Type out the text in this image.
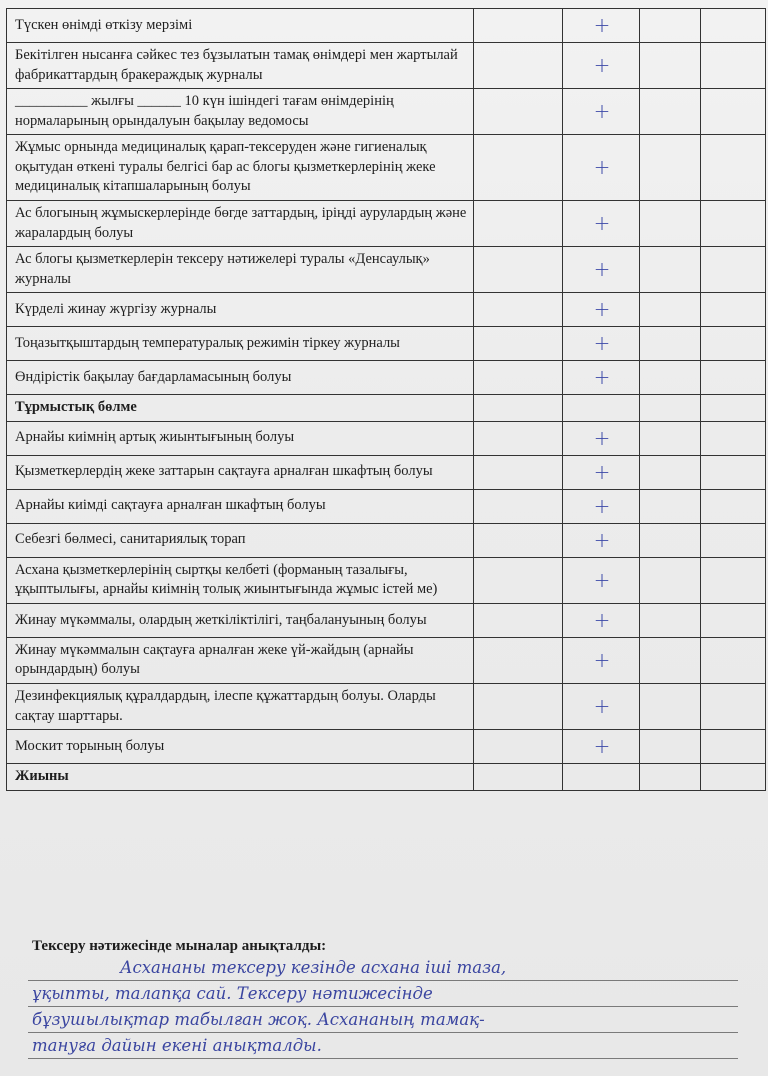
Түскен өнімді өткізу мерзімі		+		
Бекітілген нысанға сәйкес тез бұзылатын тамақ өнімдері мен жартылай фабрикаттардың бракераждық журналы		+		
__________ жылғы ______ 10 күн ішіндегі тағам өнімдерінің нормаларының орындалуын бақылау ведомосы		+		
Жұмыс орнында медициналық қарап-тексеруден және гигиеналық оқытудан өткені туралы белгісі бар ас блогы қызметкерлерінің жеке медициналық кітапшаларының болуы		+		
Ас блогының жұмыскерлерінде бөгде заттардың, іріңді аурулардың және жаралардың болуы		+		
Ас блогы қызметкерлерін тексеру нәтижелері туралы «Денсаулық» журналы		+		
Күрделі жинау жүргізу журналы		+		
Тоңазытқыштардың температуралық режимін тіркеу журналы		+		
Өндірістік бақылау бағдарламасының болуы		+		
Тұрмыстық бөлме				
Арнайы киімнің артық жиынтығының болуы		+		
Қызметкерлердің жеке заттарын сақтауға арналған шкафтың болуы		+		
Арнайы киімді сақтауға арналған шкафтың болуы		+		
Себезгі бөлмесі, санитариялық торап		+		
Асхана қызметкерлерінің сыртқы келбеті (форманың тазалығы, ұқыптылығы, арнайы киімнің толық жиынтығында жұмыс істей ме)		+		
Жинау мүкәммалы, олардың жеткіліктілігі, таңбалануының болуы		+		
Жинау мүкәммалын сақтауға арналған жеке үй-жайдың (арнайы орындардың) болуы		+		
Дезинфекциялық құралдардың, ілеспе құжаттардың болуы. Оларды сақтау шарттары.		+		
Москит торының болуы		+		
Жиыны				
Тексеру нәтижесінде мыналар анықталды:
Асхананы тексеру кезінде асхана іші таза,
ұқыпты, талапқа сай. Тексеру нәтижесінде
бұзушылықтар табылған жоқ. Асхананың тамақ-
тануға дайын екені анықталды.
